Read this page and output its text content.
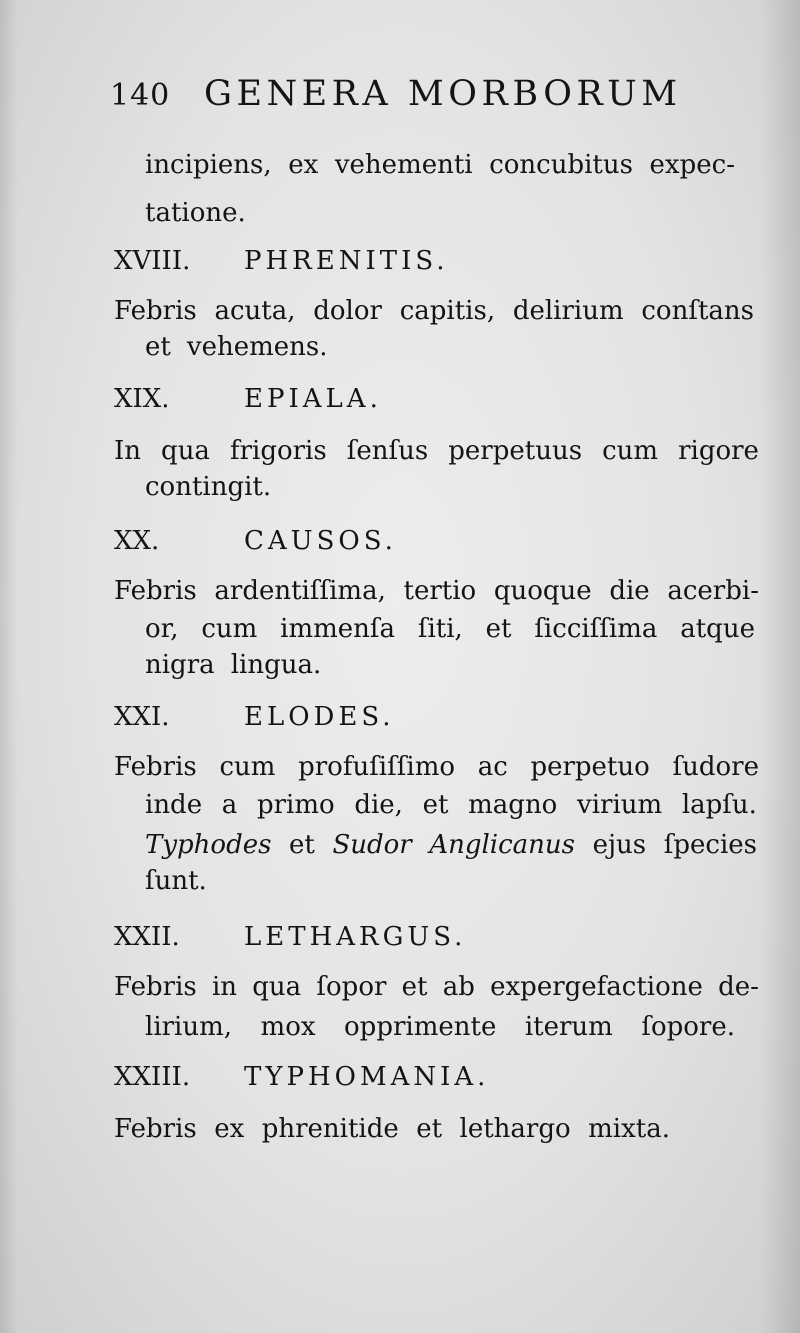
140 GENERA MORBORUM
incipiens, ex vehementi concubitus expec-
tatione.
XVIII. PHRENITIS.
Febris acuta, dolor capitis, delirium conſtans
et vehemens.
XIX.	EPIALA.
In qua frigoris ſenſus perpetuus cum rigore
contingit.
XX.	CAUSOS.
Febris ardentiſſima, tertio quoque die acerbi-
or, cum immenſa ſiti, et ſicciſſima atque
nigra lingua.
XXI.	ELODES.
Febris cum profuſiſſimo ac perpetuo ſudore
inde a primo die, et magno virium lapſu.
Typhodes et Sudor Anglicanus ejus ſpecies
ſunt.
XXII. LETHARGUS.
Febris in qua ſopor et ab expergefactione de-
lirium, mox opprimente iterum ſopore.
XXIII. TYPHOMANIA.
Febris ex phrenitide et lethargo mixta.
